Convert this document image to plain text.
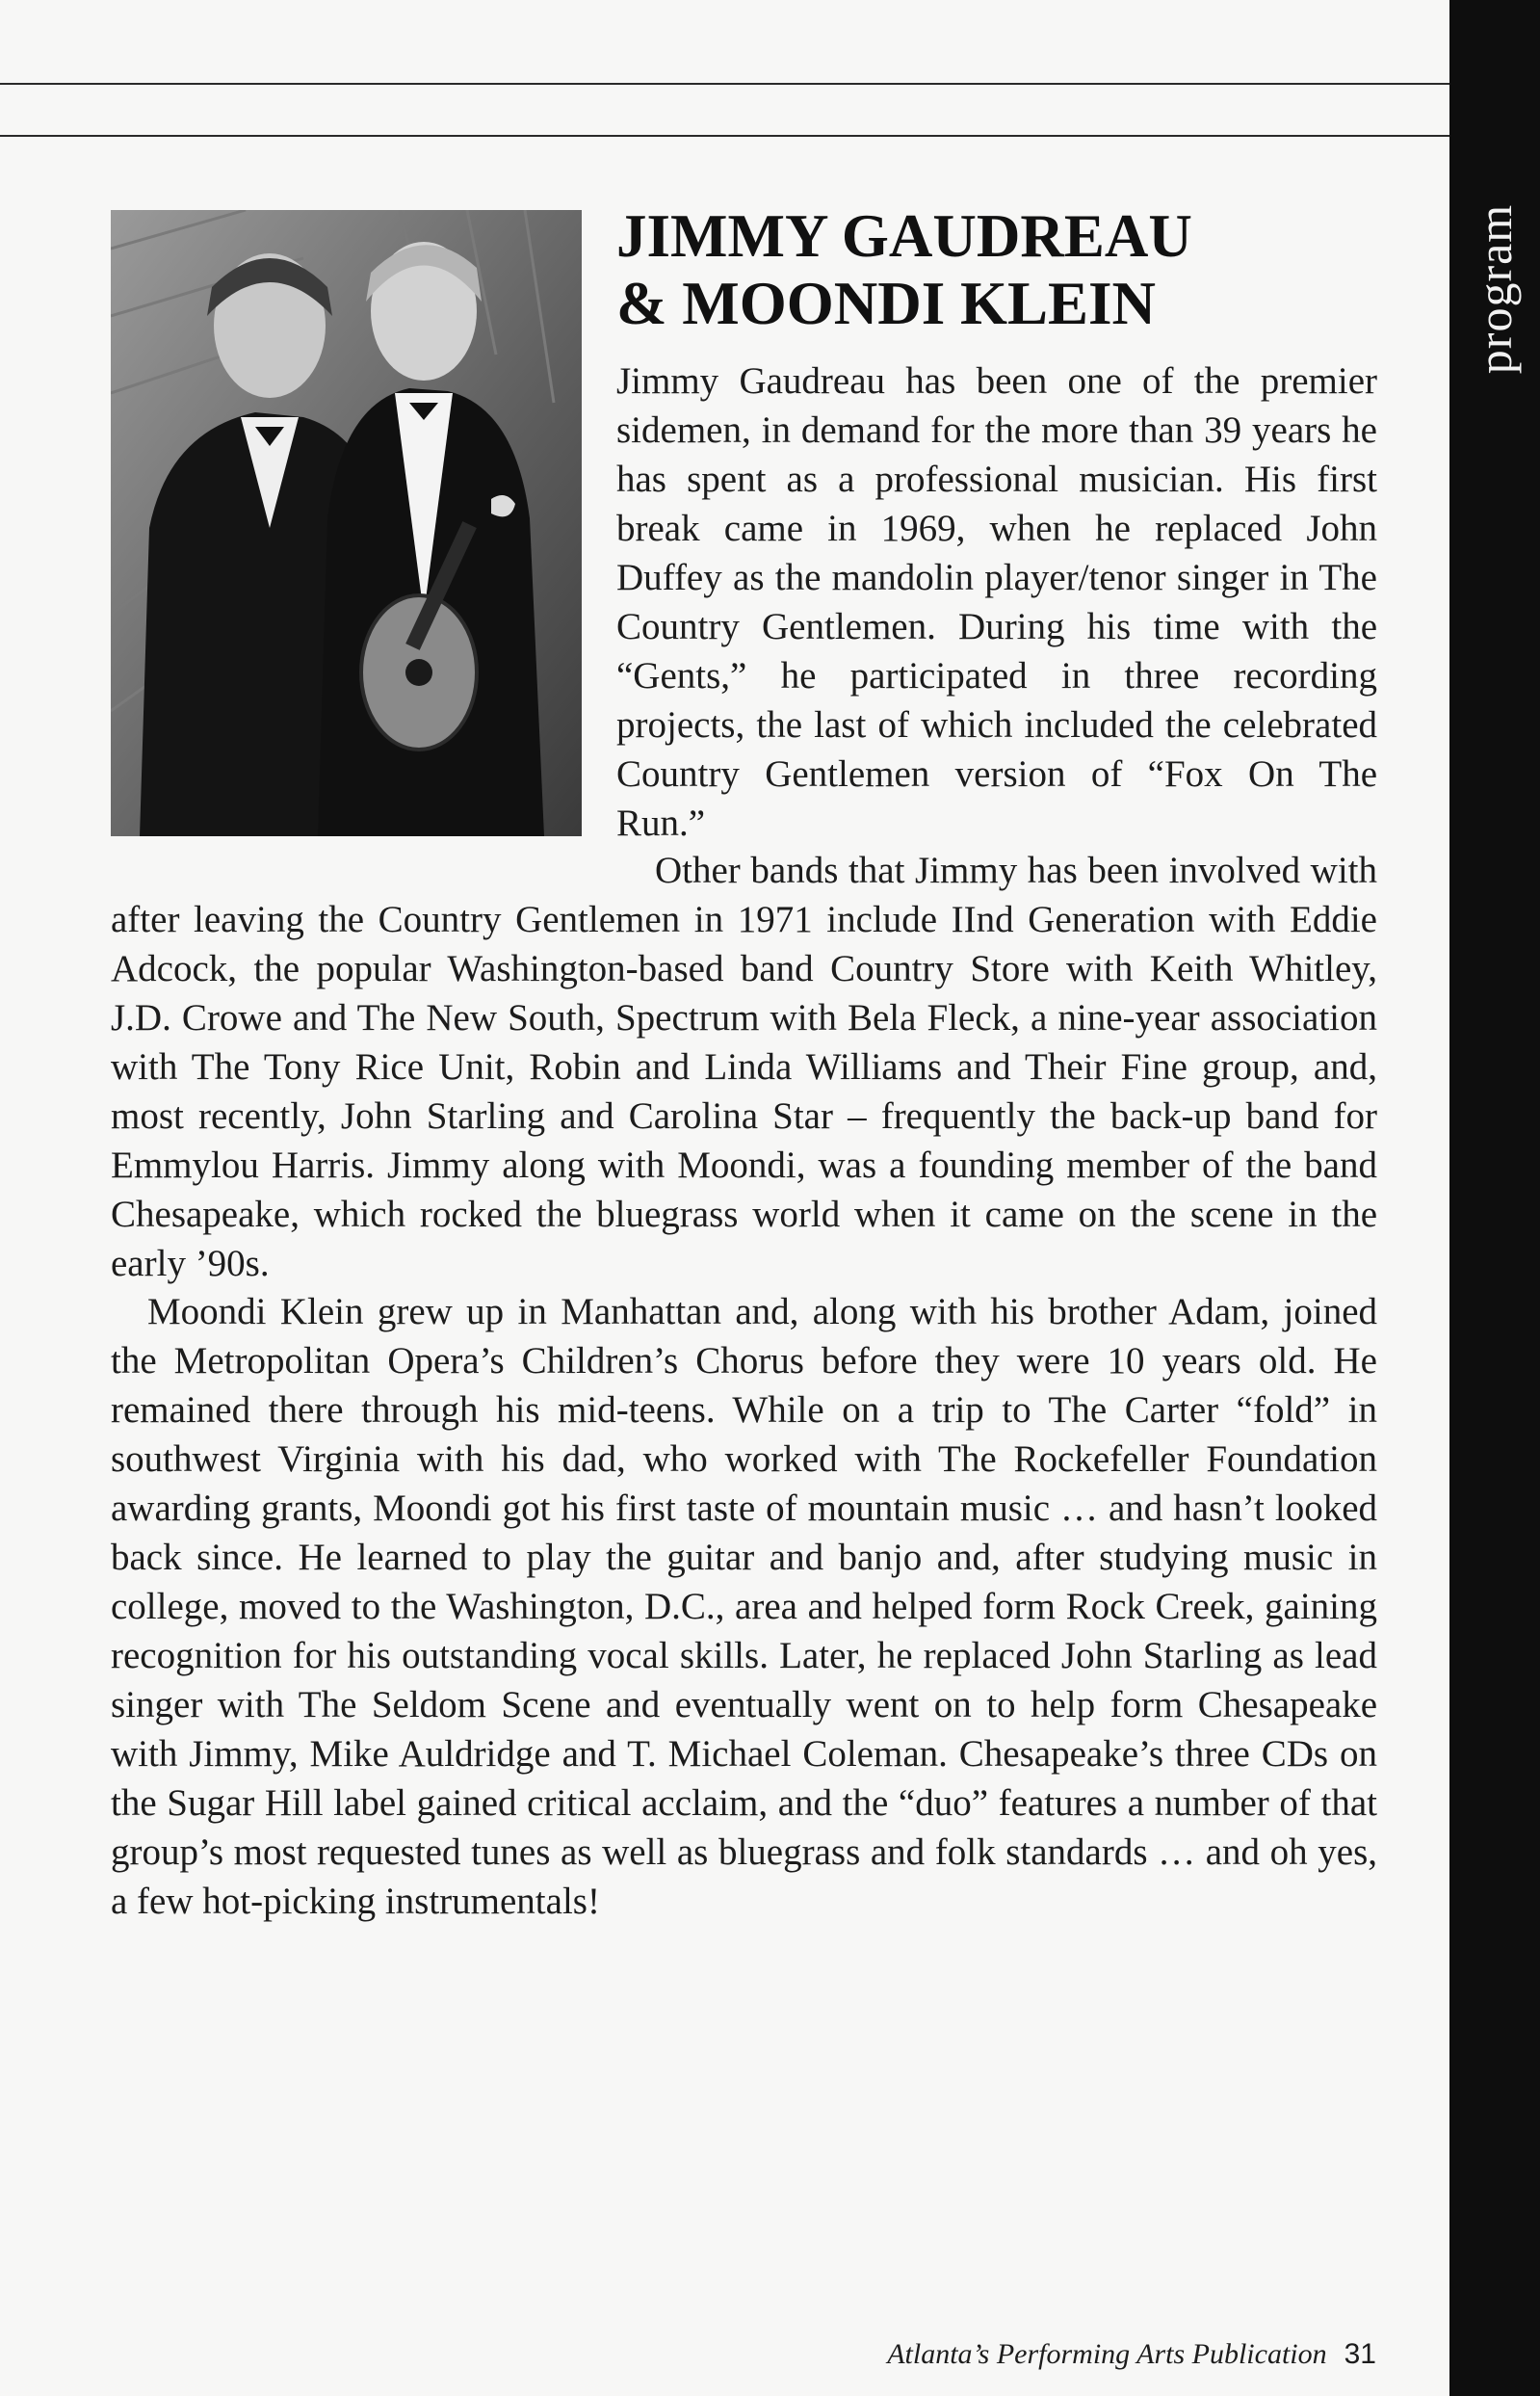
program
JIMMY GAUDREAU
& MOONDI KLEIN

Jimmy Gaudreau has been one of the premier sidemen, in demand for the more than 39 years he has spent as a professional musician. His first break came in 1969, when he replaced John Duffey as the mandolin player/tenor singer in The Country Gentlemen. During his time with the “Gents,” he participated in three recording projects, the last of which included the celebrated Country Gentlemen version of “Fox On The Run.”

Other bands that Jimmy has been involved with after leaving the Country Gentlemen in 1971 include IInd Generation with Eddie Adcock, the popular Washington-based band Country Store with Keith Whitley, J.D. Crowe and The New South, Spectrum with Bela Fleck, a nine-year association with The Tony Rice Unit, Robin and Linda Williams and Their Fine group, and, most recently, John Starling and Carolina Star – frequently the back-up band for Emmylou Harris. Jimmy along with Moondi, was a founding member of the band Chesapeake, which rocked the bluegrass world when it came on the scene in the early ’90s.

Moondi Klein grew up in Manhattan and, along with his brother Adam, joined the Metropolitan Opera’s Children’s Chorus before they were 10 years old. He remained there through his mid-teens. While on a trip to The Carter “fold” in southwest Virginia with his dad, who worked with The Rockefeller Foundation awarding grants, Moondi got his first taste of mountain music … and hasn’t looked back since. He learned to play the guitar and banjo and, after studying music in college, moved to the Washington, D.C., area and helped form Rock Creek, gaining recognition for his outstanding vocal skills. Later, he replaced John Starling as lead singer with The Seldom Scene and eventually went on to help form Chesapeake with Jimmy, Mike Auldridge and T. Michael Coleman. Chesapeake’s three CDs on the Sugar Hill label gained critical acclaim, and the “duo” features a number of that group’s most requested tunes as well as bluegrass and folk standards … and oh yes, a few hot-picking instrumentals!

Atlanta’s Performing Arts Publication 31
